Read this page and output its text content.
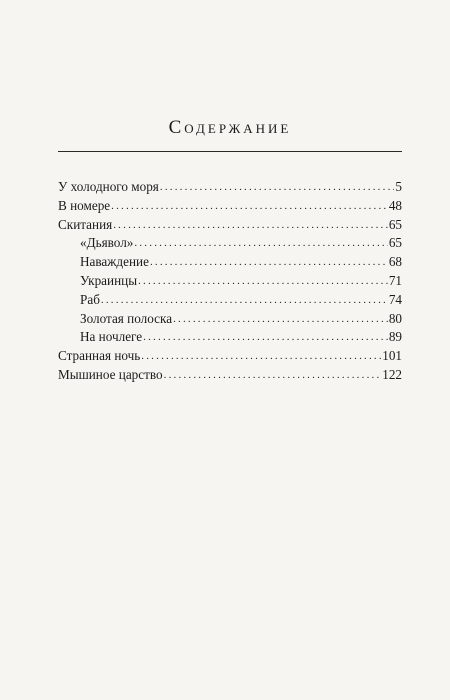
Содержание
У холодного моря .....	5
В номере .....	48
Скитания .....	65
«Дьявол» .....	65
Наваждение .....	68
Украинцы .....	71
Раб .....	74
Золотая полоска .....	80
На ночлеге .....	89
Странная ночь .....	101
Мышиное царство .....	122
